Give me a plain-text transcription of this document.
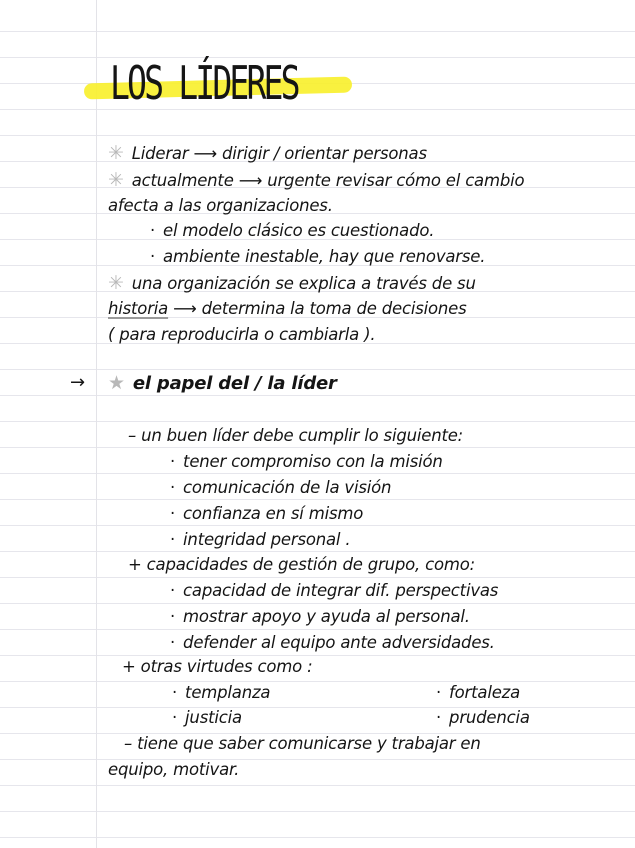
LOS LÍDERES
✳ Liderar ⟶ dirigir / orientar personas
✳ actualmente ⟶ urgente revisar cómo el cambio
afecta a las organizaciones.
· el modelo clásico es cuestionado.
· ambiente inestable, hay que renovarse.
✳ una organización se explica a través de su
historia ⟶ determina la toma de decisiones
( para reproducirla o cambiarla ).
→ ★ el papel del / la líder
– un buen líder debe cumplir lo siguiente:
· tener compromiso con la misión
· comunicación de la visión
· confianza en sí mismo
· integridad personal .
+ capacidades de gestión de grupo, como:
· capacidad de integrar dif. perspectivas
· mostrar apoyo y ayuda al personal.
· defender al equipo ante adversidades.
+ otras virtudes como :
· templanza	· fortaleza
· justicia	· prudencia
– tiene que saber comunicarse y trabajar en
equipo, motivar.
